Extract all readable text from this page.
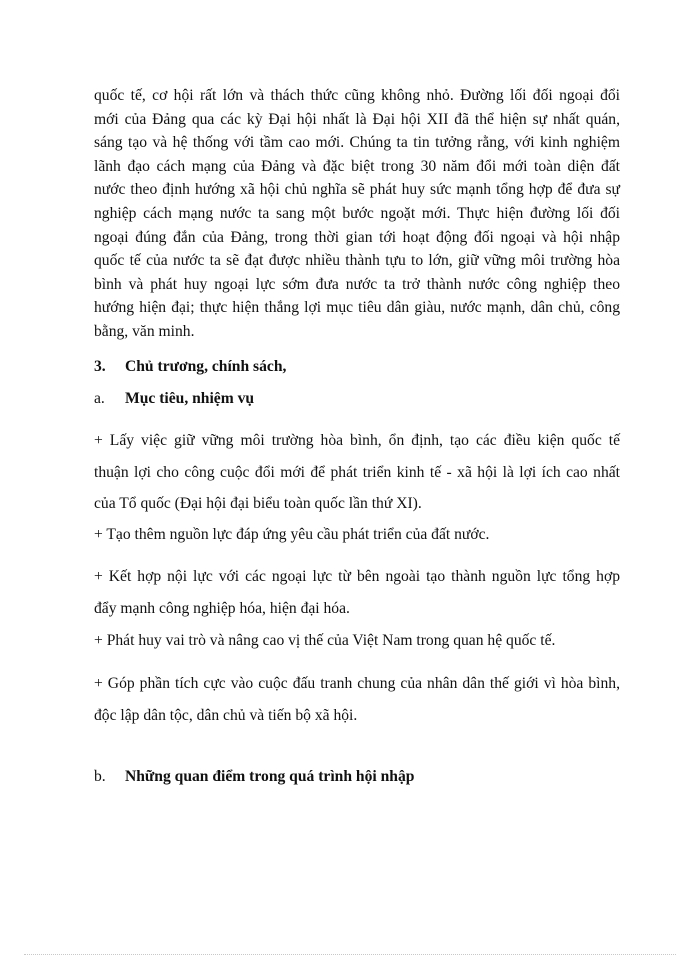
quốc tế, cơ hội rất lớn và thách thức cũng không nhỏ. Đường lối đối ngoại đổi
mới của Đảng qua các kỳ Đại hội nhất là Đại hội XII đã thể hiện sự nhất quán,
sáng tạo và hệ thống với tầm cao mới. Chúng ta tin tưởng rằng, với kinh nghiệm
lãnh đạo cách mạng của Đảng và đặc biệt trong 30 năm đổi mới toàn diện đất
nước theo định hướng xã hội chủ nghĩa sẽ phát huy sức mạnh tổng hợp để đưa sự
nghiệp cách mạng nước ta sang một bước ngoặt mới. Thực hiện đường lối đối
ngoại đúng đắn của Đảng, trong thời gian tới hoạt động đối ngoại và hội nhập
quốc tế của nước ta sẽ đạt được nhiều thành tựu to lớn, giữ vững môi trường hòa
bình và phát huy ngoại lực sớm đưa nước ta trở thành nước công nghiệp theo
hướng hiện đại; thực hiện thắng lợi mục tiêu dân giàu, nước mạnh, dân chủ, công
bằng, văn minh.

3. Chủ trương, chính sách,
a. Mục tiêu, nhiệm vụ

+ Lấy việc giữ vững môi trường hòa bình, ổn định, tạo các điều kiện quốc tế
thuận lợi cho công cuộc đổi mới để phát triển kinh tế - xã hội là lợi ích cao nhất
của Tổ quốc (Đại hội đại biểu toàn quốc lần thứ XI).

+ Tạo thêm nguồn lực đáp ứng yêu cầu phát triển của đất nước.

+ Kết hợp nội lực với các ngoại lực từ bên ngoài tạo thành nguồn lực tổng hợp
đẩy mạnh công nghiệp hóa, hiện đại hóa.

+ Phát huy vai trò và nâng cao vị thế của Việt Nam trong quan hệ quốc tế.

+ Góp phần tích cực vào cuộc đấu tranh chung của nhân dân thế giới vì hòa bình,
độc lập dân tộc, dân chủ và tiến bộ xã hội.

b. Những quan điểm trong quá trình hội nhập
